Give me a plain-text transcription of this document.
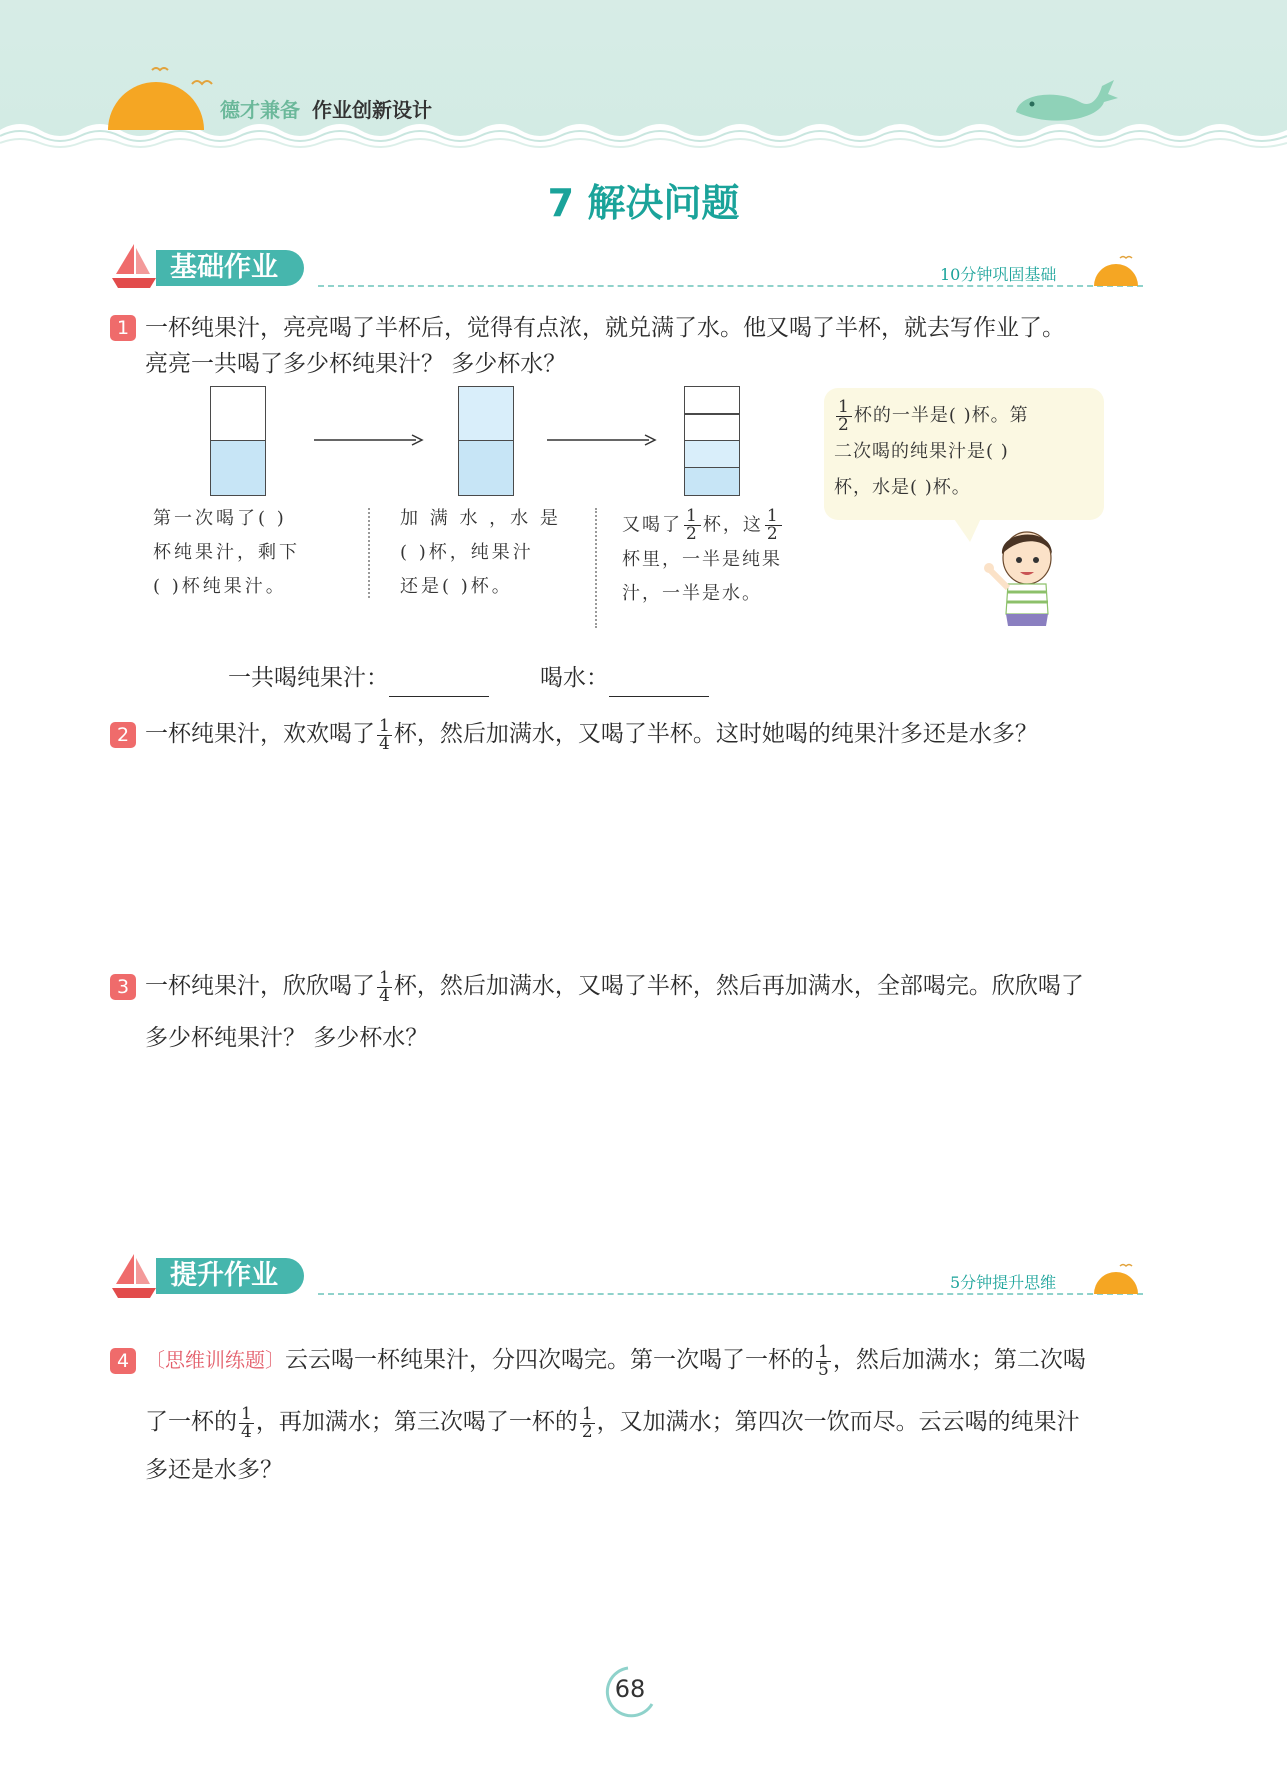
德才兼备 作业创新设计
7 解决问题
基础作业	10分钟巩固基础
1 一杯纯果汁，亮亮喝了半杯后，觉得有点浓，就兑满了水。他又喝了半杯，就去写作业了。
亮亮一共喝了多少杯纯果汁？ 多少杯水？
第一次喝了( )
杯纯果汁，剩下
( )杯纯果汁。
加 满 水 ，水 是
( )杯，纯果汁
还是( )杯。
又喝了 $\frac{1}{2}$ 杯，这 $\frac{1}{2}$
杯里，一半是纯果
汁，一半是水。
$\frac{1}{2}$ 杯的一半是( )杯。第
二次喝的纯果汁是( )
杯，水是( )杯。
一共喝纯果汁：	喝水：
2 一杯纯果汁，欢欢喝了 $\frac{1}{4}$ 杯，然后加满水，又喝了半杯。这时她喝的纯果汁多还是水多？
3 一杯纯果汁，欣欣喝了 $\frac{1}{4}$ 杯，然后加满水，又喝了半杯，然后再加满水，全部喝完。欣欣喝了
多少杯纯果汁？ 多少杯水？
提升作业	5分钟提升思维
4 〔思维训练题〕云云喝一杯纯果汁，分四次喝完。第一次喝了一杯的 $\frac{1}{5}$ ，然后加满水；第二次喝
了一杯的 $\frac{1}{4}$ ，再加满水；第三次喝了一杯的 $\frac{1}{2}$ ，又加满水；第四次一饮而尽。云云喝的纯果汁
多还是水多？
68
